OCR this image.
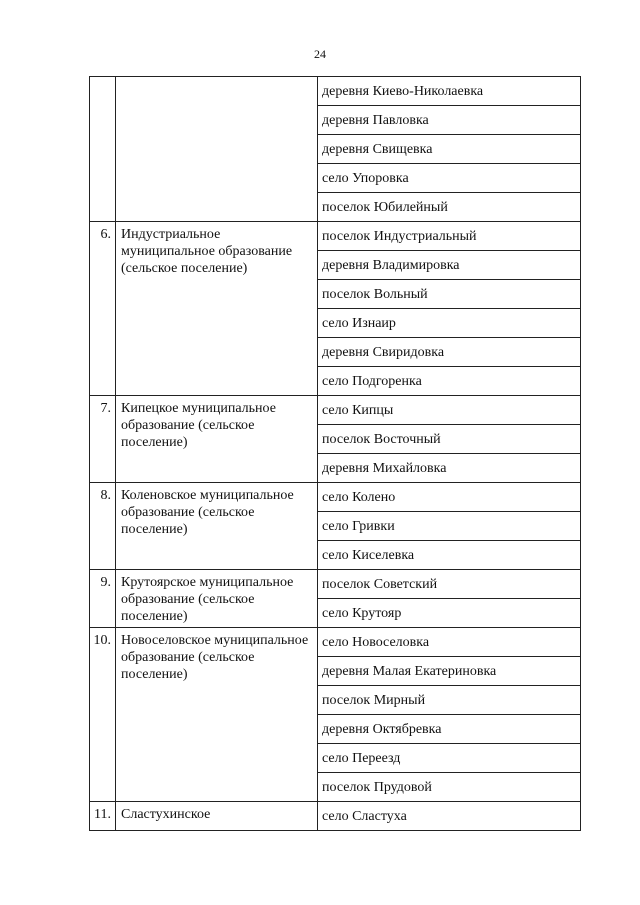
24

		деревня Киево-Николаевка

		деревня Павловка

		деревня Свищевка

		село Упоровка

		поселок Юбилейный

6.	Индустриальное муниципальное образование (сельское поселение)	поселок Индустриальный

		деревня Владимировка

		поселок Вольный

		село Изнаир

		деревня Свиридовка

		село Подгоренка

7.	Кипецкое муниципальное образование (сельское поселение)	село Кипцы

		поселок Восточный

		деревня Михайловка

8.	Коленовское муниципальное образование (сельское поселение)	село Колено

		село Гривки

		село Киселевка

9.	Крутоярское муниципальное образование (сельское поселение)	поселок Советский

		село Крутояр

10.	Новоселовское муниципальное образование (сельское поселение)	село Новоселовка

		деревня Малая Екатериновка

		поселок Мирный

		деревня Октябревка

		село Переезд

		поселок Прудовой

11.	Сластухинское	село Сластуха
